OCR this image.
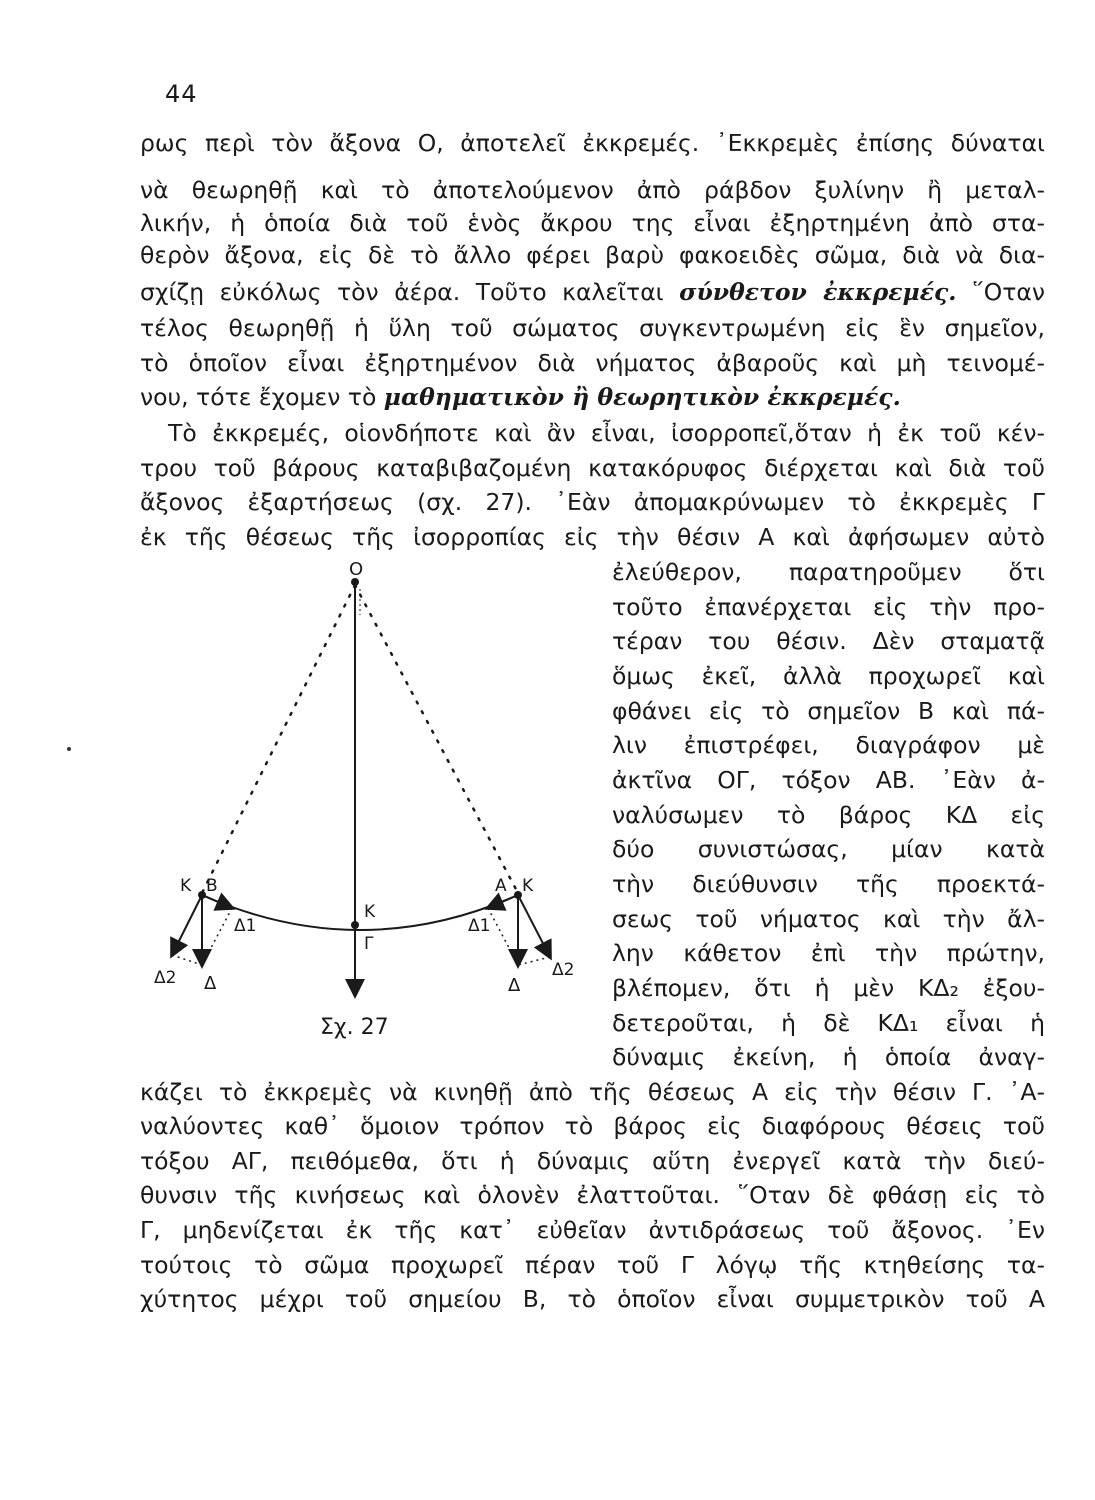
44
ρως περὶ τὸν ἄξονα Ο, ἀποτελεῖ ἐκκρεμές. ᾿Εκκρεμὲς ἐπίσης δύναται
νὰ θεωρηθῇ καὶ τὸ ἀποτελούμενον ἀπὸ ράβδον ξυλίνην ἢ μεταλ-
λικήν, ἡ ὁποία διὰ τοῦ ἑνὸς ἄκρου της εἶναι ἐξηρτημένη ἀπὸ στα-
θερὸν ἄξονα, εἰς δὲ τὸ ἄλλο φέρει βαρὺ φακοειδὲς σῶμα, διὰ νὰ δια-
σχίζῃ εὐκόλως τὸν ἀέρα. Τοῦτο καλεῖται σύνθετον ἐκκρεμές. ῞Οταν
τέλος θεωρηθῇ ἡ ὕλη τοῦ σώματος συγκεντρωμένη εἰς ἓν σημεῖον,
τὸ ὁποῖον εἶναι ἐξηρτημένον διὰ νήματος ἀβαροῦς καὶ μὴ τεινομέ-
νου, τότε ἔχομεν τὸ μαθηματικὸν ἢ θεωρητικὸν ἐκκρεμές.
Τὸ ἐκκρεμές, οἱονδήποτε καὶ ἂν εἶναι, ἰσορροπεῖ,ὅταν ἡ ἐκ τοῦ κέν-
τρου τοῦ βάρους καταβιβαζομένη κατακόρυφος διέρχεται καὶ διὰ τοῦ
ἄξονος ἐξαρτήσεως (σχ. 27). ᾿Εὰν ἀπομακρύνωμεν τὸ ἐκκρεμὲς Γ
ἐκ τῆς θέσεως τῆς ἰσορροπίας εἰς τὴν θέσιν Α καὶ ἀφήσωμεν αὐτὸ
ἐλεύθερον, παρατηροῦμεν ὅτι
τοῦτο ἐπανέρχεται εἰς τὴν προ-
τέραν του θέσιν. Δὲν σταματᾷ
ὅμως ἐκεῖ, ἀλλὰ προχωρεῖ καὶ
φθάνει εἰς τὸ σημεῖον Β καὶ πά-
λιν ἐπιστρέφει, διαγράφον μὲ
ἀκτῖνα ΟΓ, τόξον ΑΒ. ᾿Εὰν ἀ-
ναλύσωμεν τὸ βάρος ΚΔ εἰς
δύο συνιστώσας, μίαν κατὰ
τὴν διεύθυνσιν τῆς προεκτά-
σεως τοῦ νήματος καὶ τὴν ἄλ-
λην κάθετον ἐπὶ τὴν πρώτην,
βλέπομεν, ὅτι ἡ μὲν ΚΔ₂ ἐξου-
δετεροῦται, ἡ δὲ ΚΔ₁ εἶναι ἡ
δύναμις ἐκείνη, ἡ ὁποία ἀναγ-
κάζει τὸ ἐκκρεμὲς νὰ κινηθῇ ἀπὸ τῆς θέσεως Α εἰς τὴν θέσιν Γ. ᾿Α-
ναλύοντες καθ᾿ ὅμοιον τρόπον τὸ βάρος εἰς διαφόρους θέσεις τοῦ
τόξου ΑΓ, πειθόμεθα, ὅτι ἡ δύναμις αὕτη ἐνεργεῖ κατὰ τὴν διεύ-
θυνσιν τῆς κινήσεως καὶ ὁλονὲν ἐλαττοῦται. ῞Οταν δὲ φθάσῃ εἰς τὸ
Γ, μηδενίζεται ἐκ τῆς κατ᾿ εὐθεῖαν ἀντιδράσεως τοῦ ἄξονος. ᾿Εν
τούτοις τὸ σῶμα προχωρεῖ πέραν τοῦ Γ λόγῳ τῆς κτηθείσης τα-
χύτητος μέχρι τοῦ σημείου Β, τὸ ὁποῖον εἶναι συμμετρικὸν τοῦ Α
Ο
Κ
Γ
Κ Β
Δ1
Δ2 Δ
Α Κ
Δ1
Δ2
Δ
Σχ. 27
